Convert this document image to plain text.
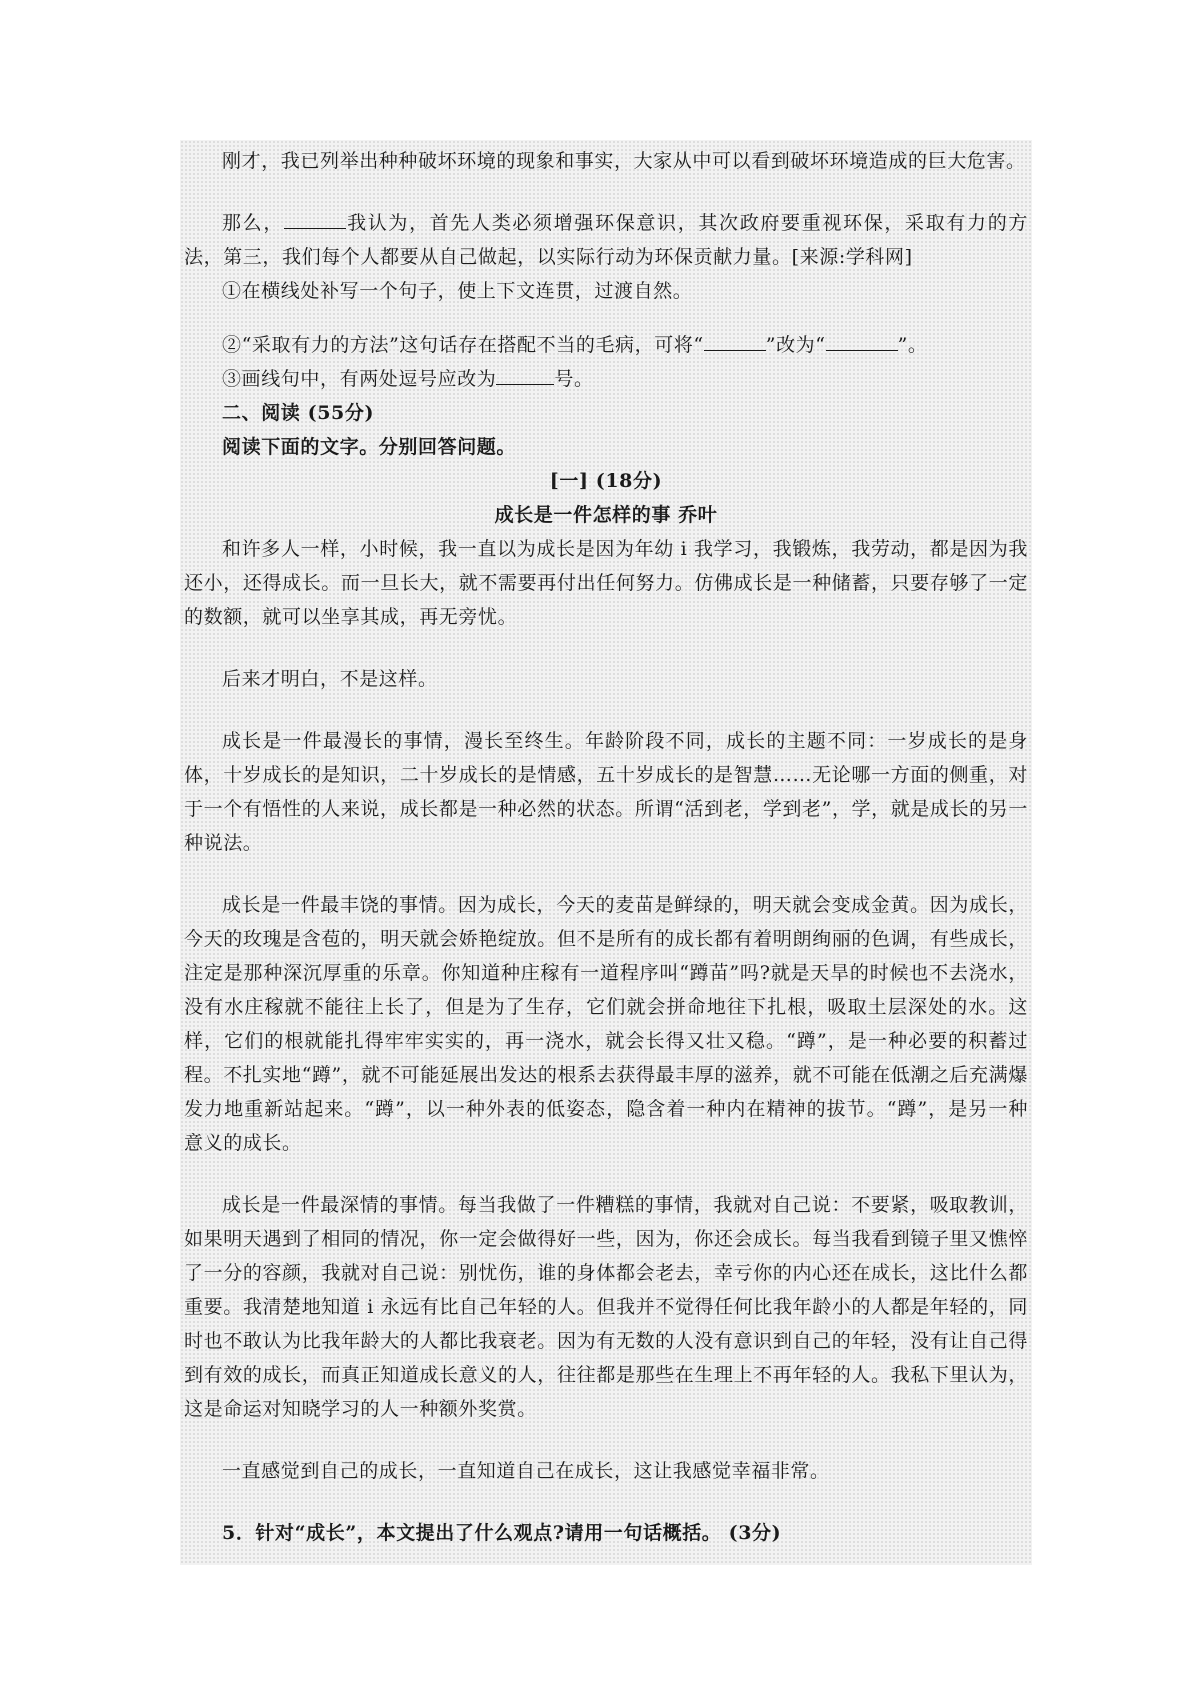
刚才，我已列举出种种破坏环境的现象和事实，大家从中可以看到破坏环境造成的巨大危害。

那么，	我认为，首先人类必须增强环保意识，其次政府要重视环保，采取有力的方法，第三，我们每个人都要从自己做起，以实际行动为环保贡献力量。[来源:学科网]

①在横线处补写一个句子，使上下文连贯，过渡自然。

②“采取有力的方法”这句话存在搭配不当的毛病，可将“	”改为“	”。

③画线句中，有两处逗号应改为	号。

二、阅读 (55分)

阅读下面的文字。分别回答问题。

[一] (18分)

成长是一件怎样的事 乔叶

和许多人一样，小时候，我一直以为成长是因为年幼 i 我学习，我锻炼，我劳动，都是因为我还小，还得成长。而一旦长大，就不需要再付出任何努力。仿佛成长是一种储蓄，只要存够了一定的数额，就可以坐享其成，再无旁忧。

后来才明白，不是这样。

成长是一件最漫长的事情，漫长至终生。年龄阶段不同，成长的主题不同：一岁成长的是身体，十岁成长的是知识，二十岁成长的是情感，五十岁成长的是智慧……无论哪一方面的侧重，对于一个有悟性的人来说，成长都是一种必然的状态。所谓“活到老，学到老”，学，就是成长的另一种说法。

成长是一件最丰饶的事情。因为成长，今天的麦苗是鲜绿的，明天就会变成金黄。因为成长，今天的玫瑰是含苞的，明天就会娇艳绽放。但不是所有的成长都有着明朗绚丽的色调，有些成长，注定是那种深沉厚重的乐章。你知道种庄稼有一道程序叫“蹲苗”吗?就是天旱的时候也不去浇水，没有水庄稼就不能往上长了，但是为了生存，它们就会拼命地往下扎根，吸取土层深处的水。这样，它们的根就能扎得牢牢实实的，再一浇水，就会长得又壮又稳。“蹲”，是一种必要的积蓄过程。不扎实地“蹲”，就不可能延展出发达的根系去获得最丰厚的滋养，就不可能在低潮之后充满爆发力地重新站起来。“蹲”，以一种外表的低姿态，隐含着一种内在精神的拔节。“蹲”，是另一种意义的成长。

成长是一件最深情的事情。每当我做了一件糟糕的事情，我就对自己说：不要紧，吸取教训，如果明天遇到了相同的情况，你一定会做得好一些，因为，你还会成长。每当我看到镜子里又憔悴了一分的容颜，我就对自己说：别忧伤，谁的身体都会老去，幸亏你的内心还在成长，这比什么都重要。我清楚地知道 i 永远有比自己年轻的人。但我并不觉得任何比我年龄小的人都是年轻的，同时也不敢认为比我年龄大的人都比我衰老。因为有无数的人没有意识到自己的年轻，没有让自己得到有效的成长，而真正知道成长意义的人，往往都是那些在生理上不再年轻的人。我私下里认为，这是命运对知晓学习的人一种额外奖赏。

一直感觉到自己的成长，一直知道自己在成长，这让我感觉幸福非常。

5．针对“成长”，本文提出了什么观点?请用一句话概括。 (3分)
